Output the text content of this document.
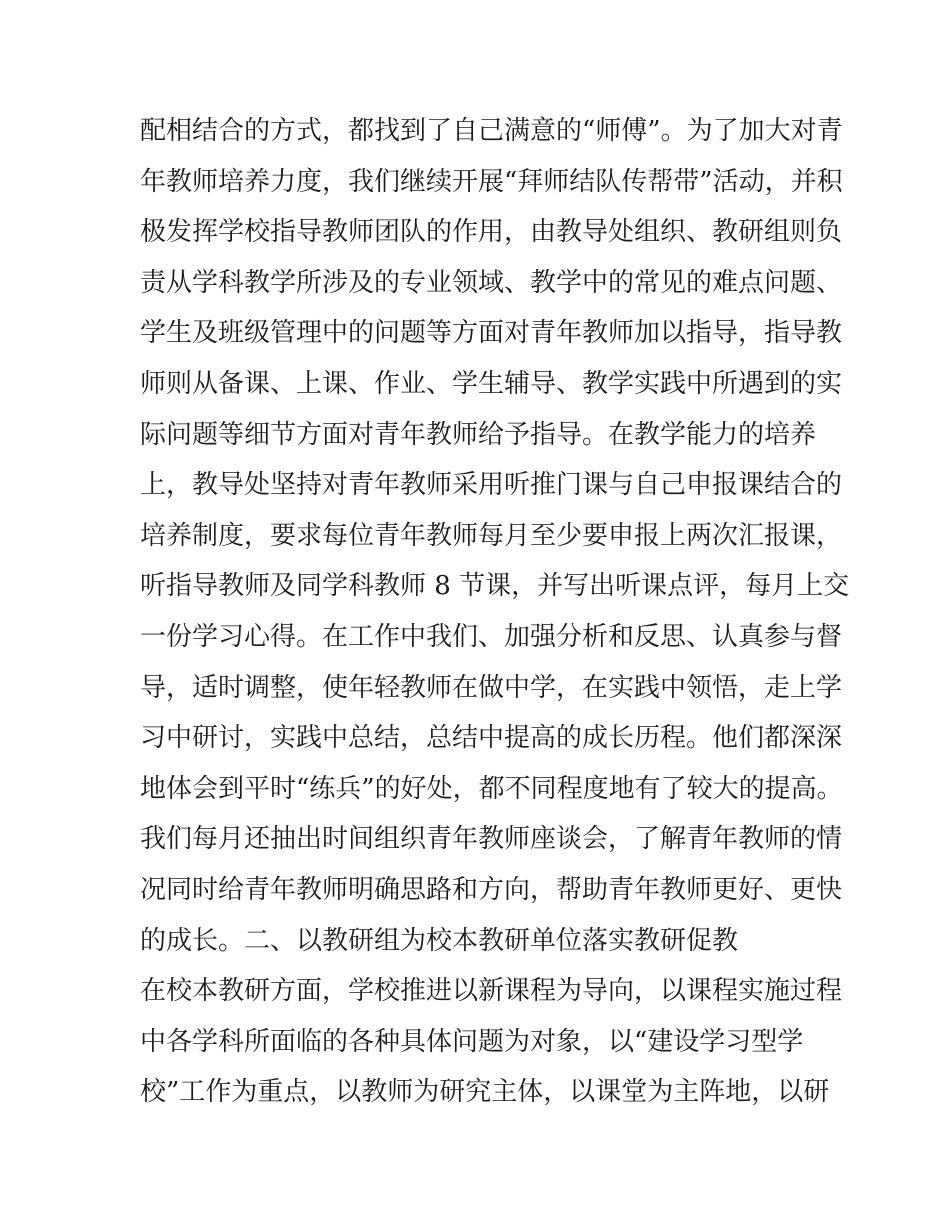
配相结合的方式，都找到了自己满意的“师傅”。为了加大对青
年教师培养力度，我们继续开展“拜师结队传帮带”活动，并积
极发挥学校指导教师团队的作用，由教导处组织、教研组则负
责从学科教学所涉及的专业领域、教学中的常见的难点问题、
学生及班级管理中的问题等方面对青年教师加以指导，指导教
师则从备课、上课、作业、学生辅导、教学实践中所遇到的实
际问题等细节方面对青年教师给予指导。在教学能力的培养
上，教导处坚持对青年教师采用听推门课与自己申报课结合的
培养制度，要求每位青年教师每月至少要申报上两次汇报课，
听指导教师及同学科教师 8 节课，并写出听课点评，每月上交
一份学习心得。在工作中我们、加强分析和反思、认真参与督
导，适时调整，使年轻教师在做中学，在实践中领悟，走上学
习中研讨，实践中总结，总结中提高的成长历程。他们都深深
地体会到平时“练兵”的好处，都不同程度地有了较大的提高。
我们每月还抽出时间组织青年教师座谈会，了解青年教师的情
况同时给青年教师明确思路和方向，帮助青年教师更好、更快
的成长。二、以教研组为校本教研单位落实教研促教
在校本教研方面，学校推进以新课程为导向，以课程实施过程
中各学科所面临的各种具体问题为对象，以“建设学习型学
校”工作为重点，以教师为研究主体，以课堂为主阵地，以研
